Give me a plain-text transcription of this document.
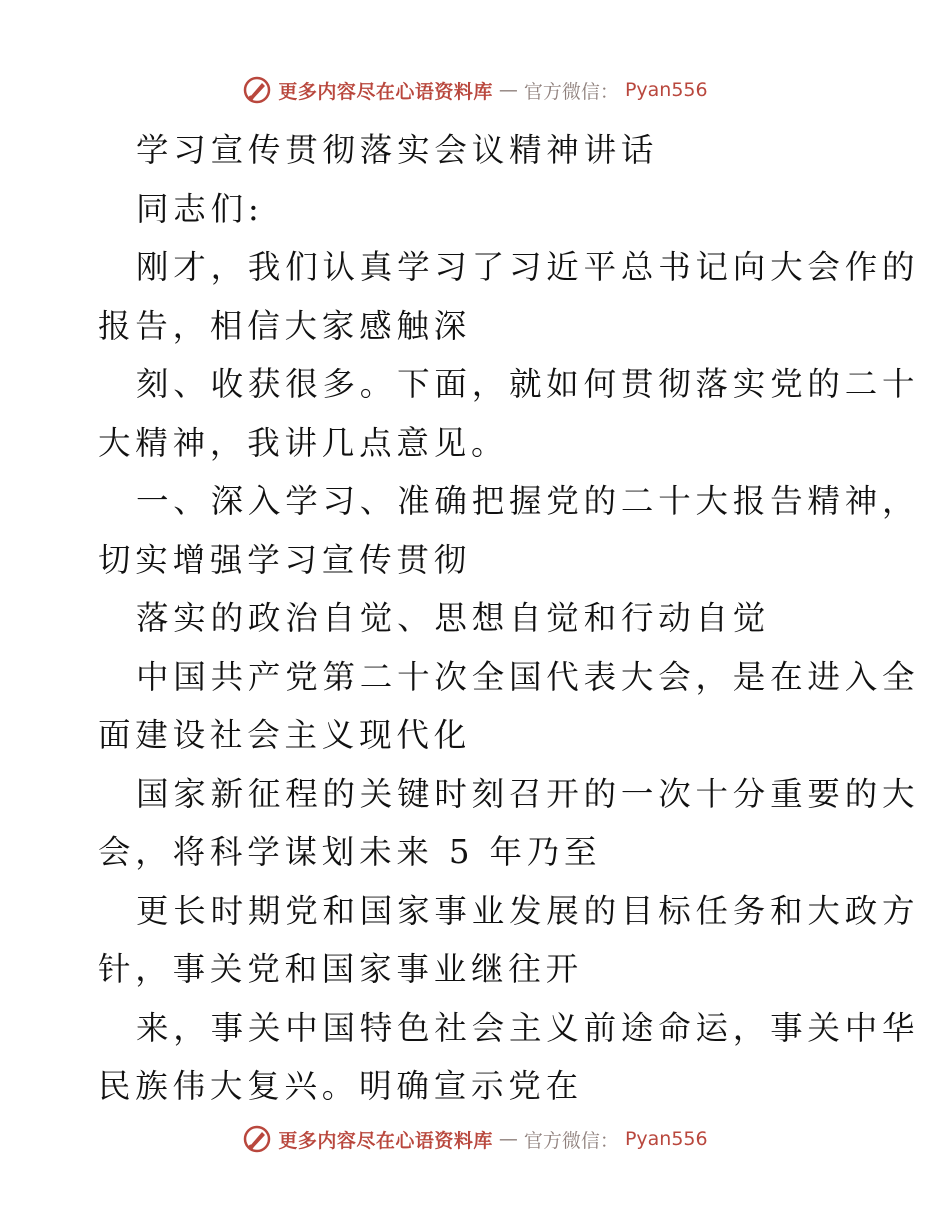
更多内容尽在心语资料库 — 官方微信： Pyan556
学习宣传贯彻落实会议精神讲话
同志们:
刚才，我们认真学习了习近平总书记向大会作的
报告，相信大家感触深
刻、收获很多。下面，就如何贯彻落实党的二十
大精神，我讲几点意见。
一、深入学习、准确把握党的二十大报告精神，
切实增强学习宣传贯彻
落实的政治自觉、思想自觉和行动自觉
中国共产党第二十次全国代表大会，是在进入全
面建设社会主义现代化
国家新征程的关键时刻召开的一次十分重要的大
会，将科学谋划未来 5 年乃至
更长时期党和国家事业发展的目标任务和大政方
针，事关党和国家事业继往开
来，事关中国特色社会主义前途命运，事关中华
民族伟大复兴。明确宣示党在
更多内容尽在心语资料库 — 官方微信： Pyan556
